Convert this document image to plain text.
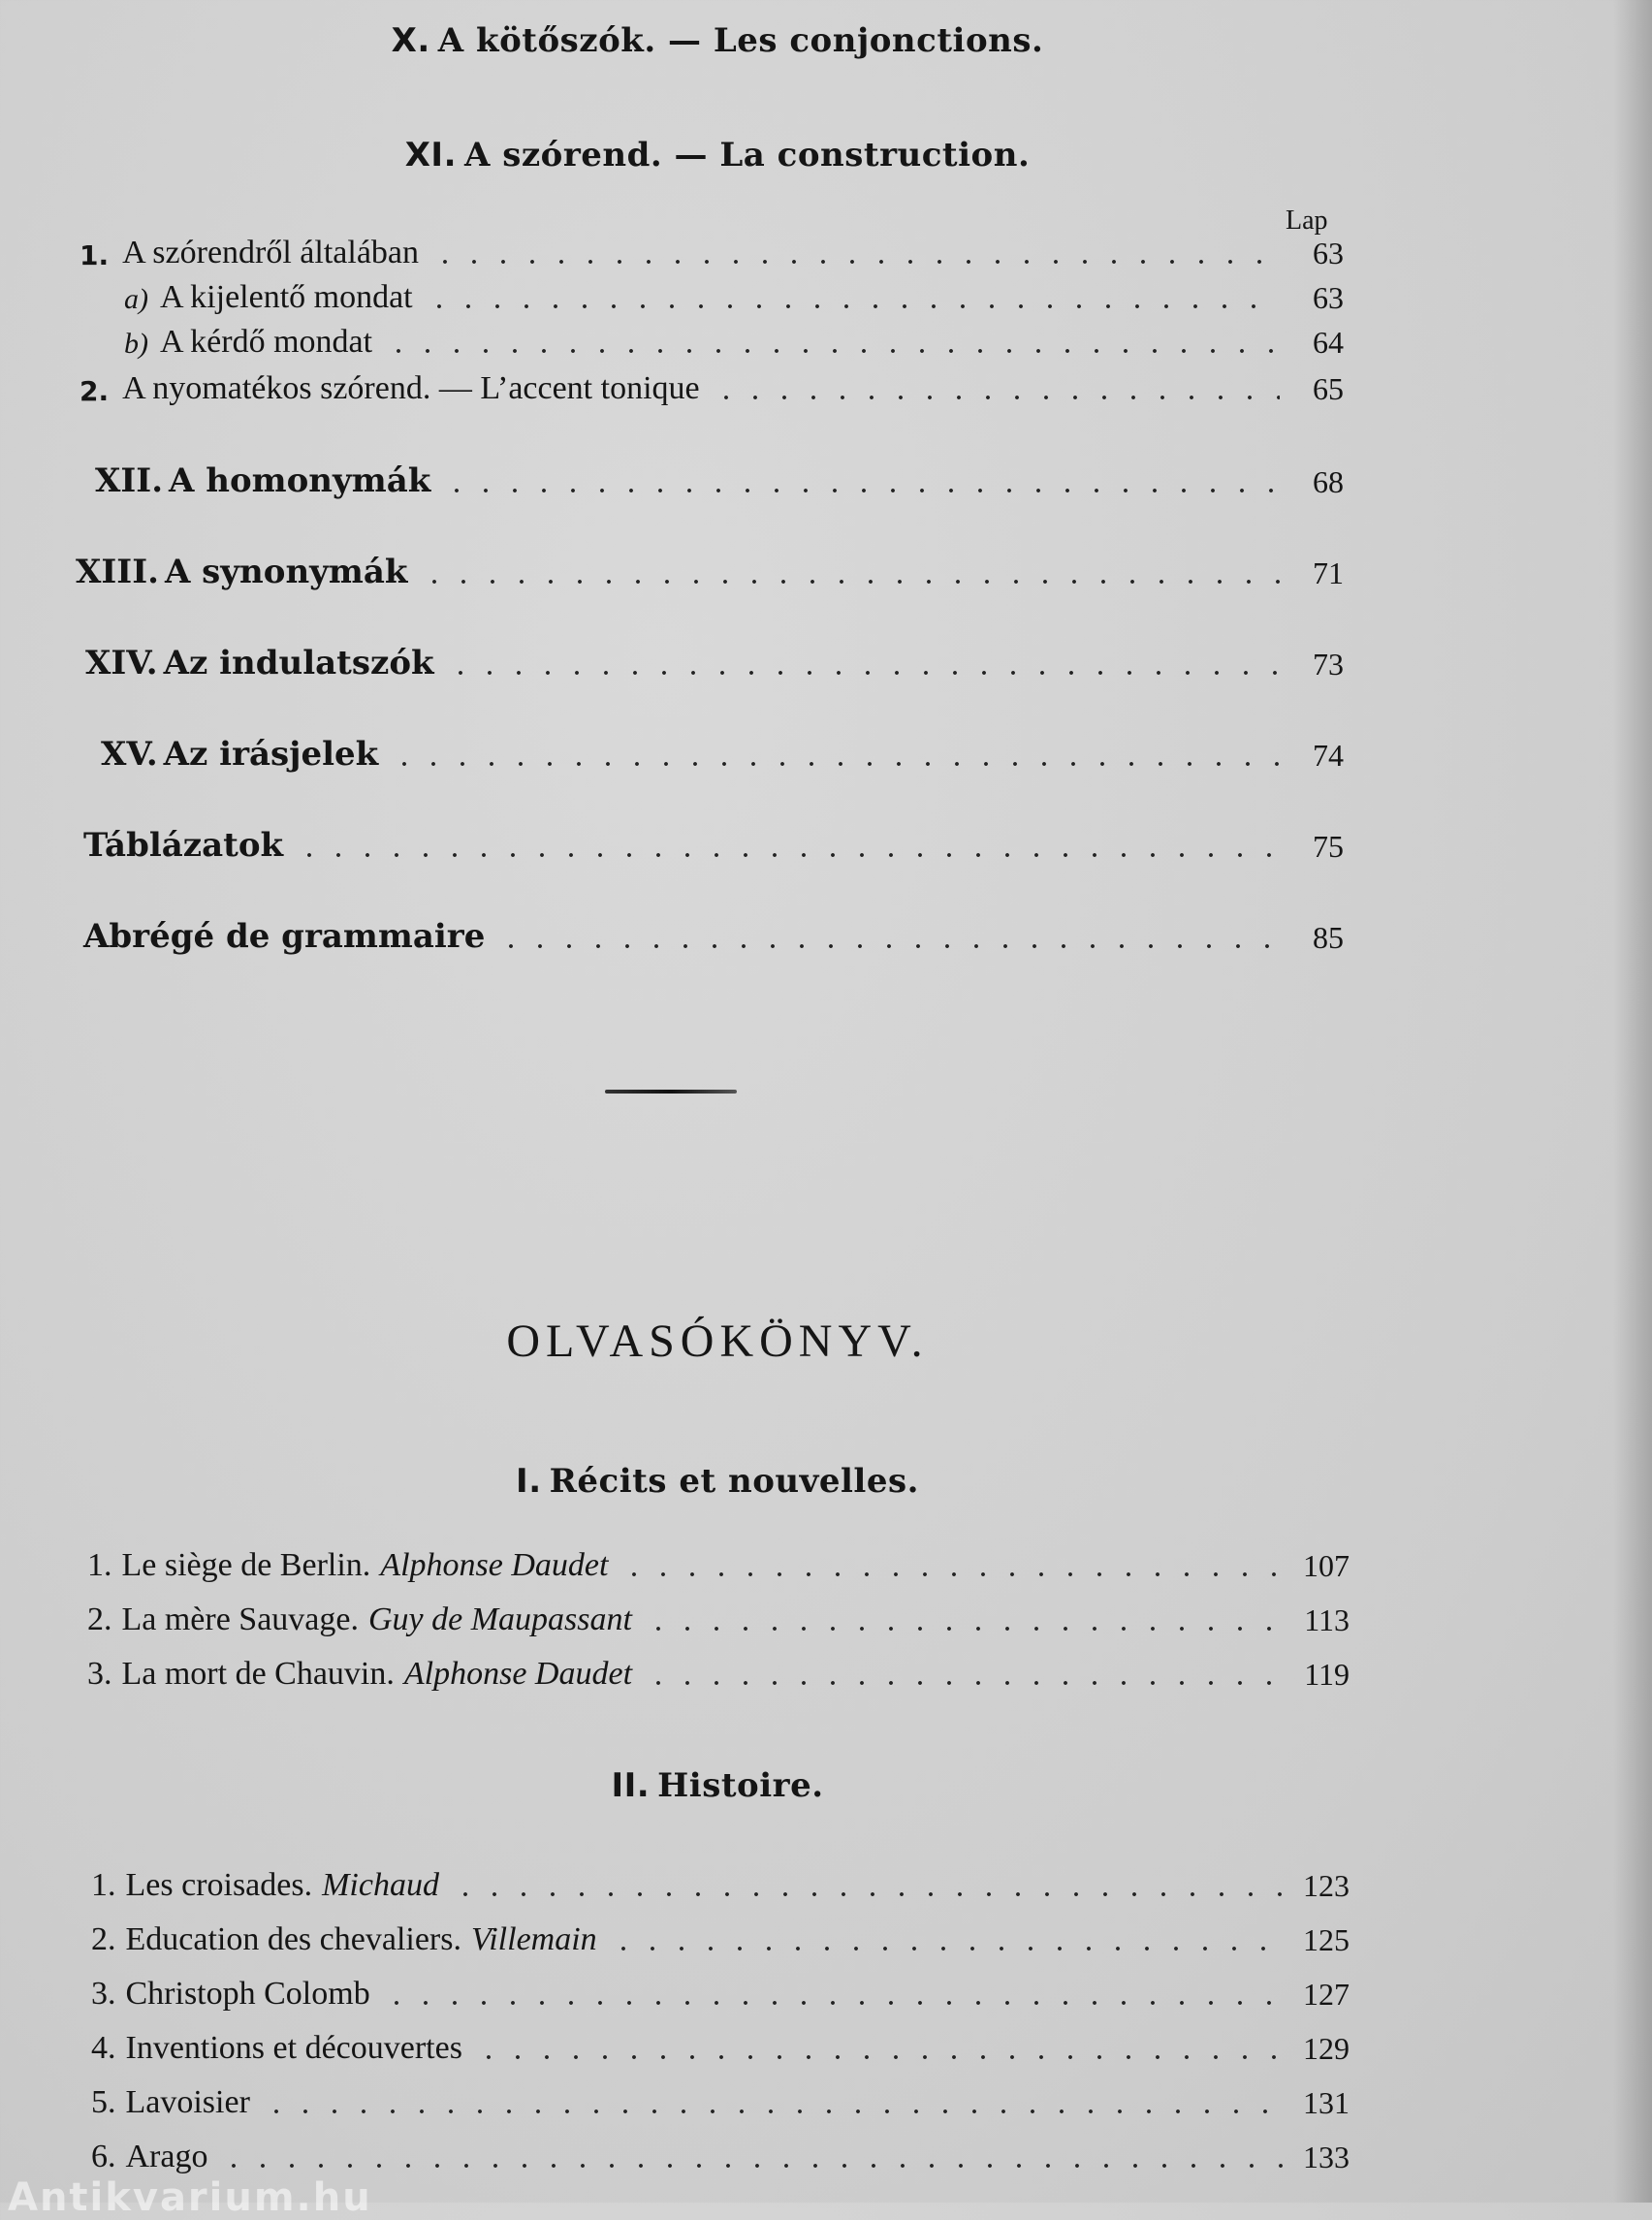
X. A kötőszók. — Les conjonctions.
XI. A szórend. — La construction.
Lap
1. A szórendről általában	63
a) A kijelentő mondat	63
b) A kérdő mondat	64
2. A nyomatékos szórend. — L’accent tonique	65
XII. A homonymák	68
XIII. A synonymák	71
XIV. Az indulatszók	73
XV. Az irásjelek	74
Táblázatok	75
Abrégé de grammaire	85
OLVASÓKÖNYV.
I. Récits et nouvelles.
1. Le siège de Berlin. Alphonse Daudet	107
2. La mère Sauvage. Guy de Maupassant	113
3. La mort de Chauvin. Alphonse Daudet	119
II. Histoire.
1. Les croisades. Michaud	123
2. Education des chevaliers. Villemain	125
3. Christoph Colomb	127
4. Inventions et découvertes	129
5. Lavoisier	131
6. Arago	133
Antikvarium.hu
